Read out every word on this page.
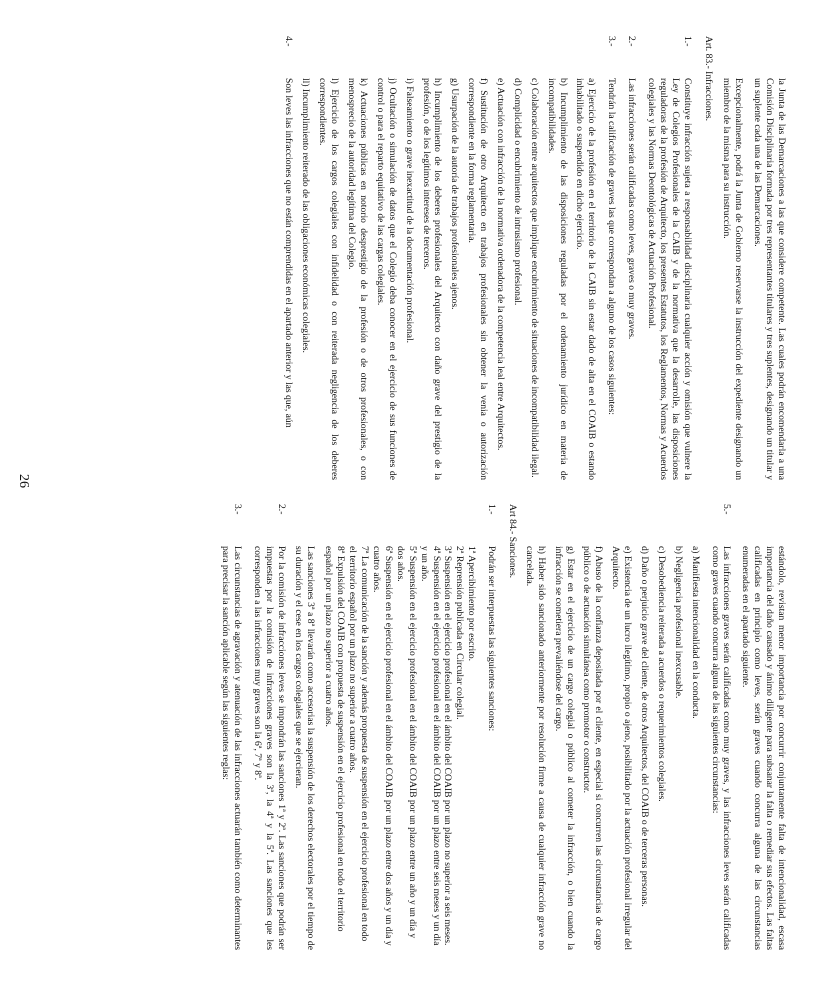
la Junta de las Demarcaciones a las que considere competente. Las cuales podrán encomendarla a una Comisión Disciplinaria formada por tres representantes titulares y tres suplentes, designando un titular y un suplente cada una de las Demarcaciones.

Excepcionalmente, podrá la Junta de Gobierno reservarse la instrucción del expediente designando un miembro de la misma para su instrucción.

Art. 83.- Infracciones.

1.-
Constituye infracción sujeta a responsabilidad disciplinaria cualquier acción y omisión que vulnere la Ley de Colegios Profesionales de la CAIB y de la normativa que la desarrolle, las disposiciones reguladoras de la profesión de Arquitecto, los presentes Estatutos, los Reglamentos, Normas y Acuerdos colegiales y las Normas Deontológicas de Actuación Profesional.
2.-
Las infracciones serán calificadas como leves, graves o muy graves.
3.-
Tendrán la calificación de graves las que correspondan a alguno de los casos siguientes:

a) Ejercicio de la profesión en el territorio de la CAIB sin estar dado de alta en el COAIB o estando inhabilitado o suspendido en dicho ejercicio.

b) Incumplimiento de las disposiciones reguladas por el ordenamiento jurídico en materia de incompatibilidades.

c) Colaboración entre arquitectos que implique encubrimiento de situaciones de incompatibilidad ilegal.

d) Complicidad o encubrimiento de intrusismo profesional.

e) Actuación con infracción de la normativa ordenadora de la competencia leal entre Arquitectos.

f) Sustitución de otro Arquitecto en trabajos profesionales sin obtener la venia o autorización correspondiente en la forma reglamentaria.

g) Usurpación de la autoría de trabajos profesionales ajenos.

h) Incumplimiento de los deberes profesionales del Arquitecto con daño grave del prestigio de la profesión, o de los legítimos intereses de terceros.

i) Falseamiento o grave inexactitud de la documentación profesional.

j) Ocultación o simulación de datos que el Colegio deba conocer en el ejercicio de sus funciones de control o para el reparto equitativo de las cargas colegiales.

k) Actuaciones públicas en notorio desprestigio de la profesión o de otros profesionales, o con menosprecio de la autoridad legítima del Colegio.

l) Ejercicio de los cargos colegiales con infidelidad o con reiterada negligencia de los deberes correspondientes.

ll) Incumplimiento reiterado de las obligaciones económicas colegiales.

4.-
Son leves las infracciones que no están comprendidas en el apartado anterior y las que, aún

estándolo, revistan menor importancia por concurrir conjuntamente falta de intencionalidad, escasa importancia del daño causado y ánimo diligente para subsanar la falta o remediar sus efectos. Las faltas calificadas en principio como leves, serán graves cuando concurra alguna de las circunstancias enumeradas en el apartado siguiente.

5.-
Las infracciones graves serán calificadas como muy graves, y las infracciones leves serán calificadas como graves cuando concurra alguna de las siguientes circunstancias:

a) Manifiesta intencionalidad en la conducta.

b) Negligencia profesional inexcusable.

c) Desobediencia reiterada a acuerdos o requerimientos colegiales.

d) Daño o perjuicio grave del cliente, de otros Arquitectos, del COAIB o de terceras personas.

e) Existencia de un lucro ilegítimo, propio o ajeno, posibilitado por la actuación profesional irregular del Arquitecto.

f) Abuso de la confianza depositada por el cliente, en especial si concurren las circunstancias de cargo público o de actuación simultánea como promotor o constructor.

g) Estar en el ejercicio de un cargo colegial o público al cometer la infracción, o bien cuando la infracción se cometiera prevaliéndose del cargo.

h) Haber sido sancionado anteriormente por resolución firme a causa de cualquier infracción grave no cancelada.

Art 84.- Sanciones.

1.-
Podrán ser interpuestas las siguientes sanciones:

1ª Apercibimiento por escrito.

2ª Reprensión publicada en Circular colegial.

3ª Suspensión en el ejercicio profesional en el ámbito del COAIB por un plazo no superior a seis meses.

4ª Suspensión en el ejercicio profesional en el ámbito del COAIB por un plazo entre seis meses y un día y un año.

5ª Suspensión en el ejercicio profesional en el ámbito del COAIB por un plazo entre un año y un día y dos años.

6ª Suspensión en el ejercicio profesional en el ámbito del COAIB por un plazo entre dos años y un día y cuatro años.

7ª La comunicación de la sanción y además propuesta de suspensión en el ejercicio profesional en todo el territorio español por un plazo no superior a cuatro años.

8ª Expulsión del COAIB con propuesta de suspensión en el ejercicio profesional en todo el territorio español por un plazo no superior a cuatro años.

Las sanciones 3ª a 8ª llevarán como accesorias la suspensión de los derechos electorales por el tiempo de su duración y el cese en los cargos colegiales que se ejercieran.

2.-
Por la comisión de infracciones leves se impondrán las sanciones 1ª y 2ª. Las sanciones que podrán ser impuestas por la comisión de infracciones graves son la 3ª, la 4ª y la 5ª. Las sanciones que les corresponden a las infracciones muy graves son la 6ª, 7ª y 8ª.
3.-
Las circunstancias de agravación y atenuación de las infracciones actuarán también como determinantes para precisar la sanción aplicable según las siguientes reglas:
26
